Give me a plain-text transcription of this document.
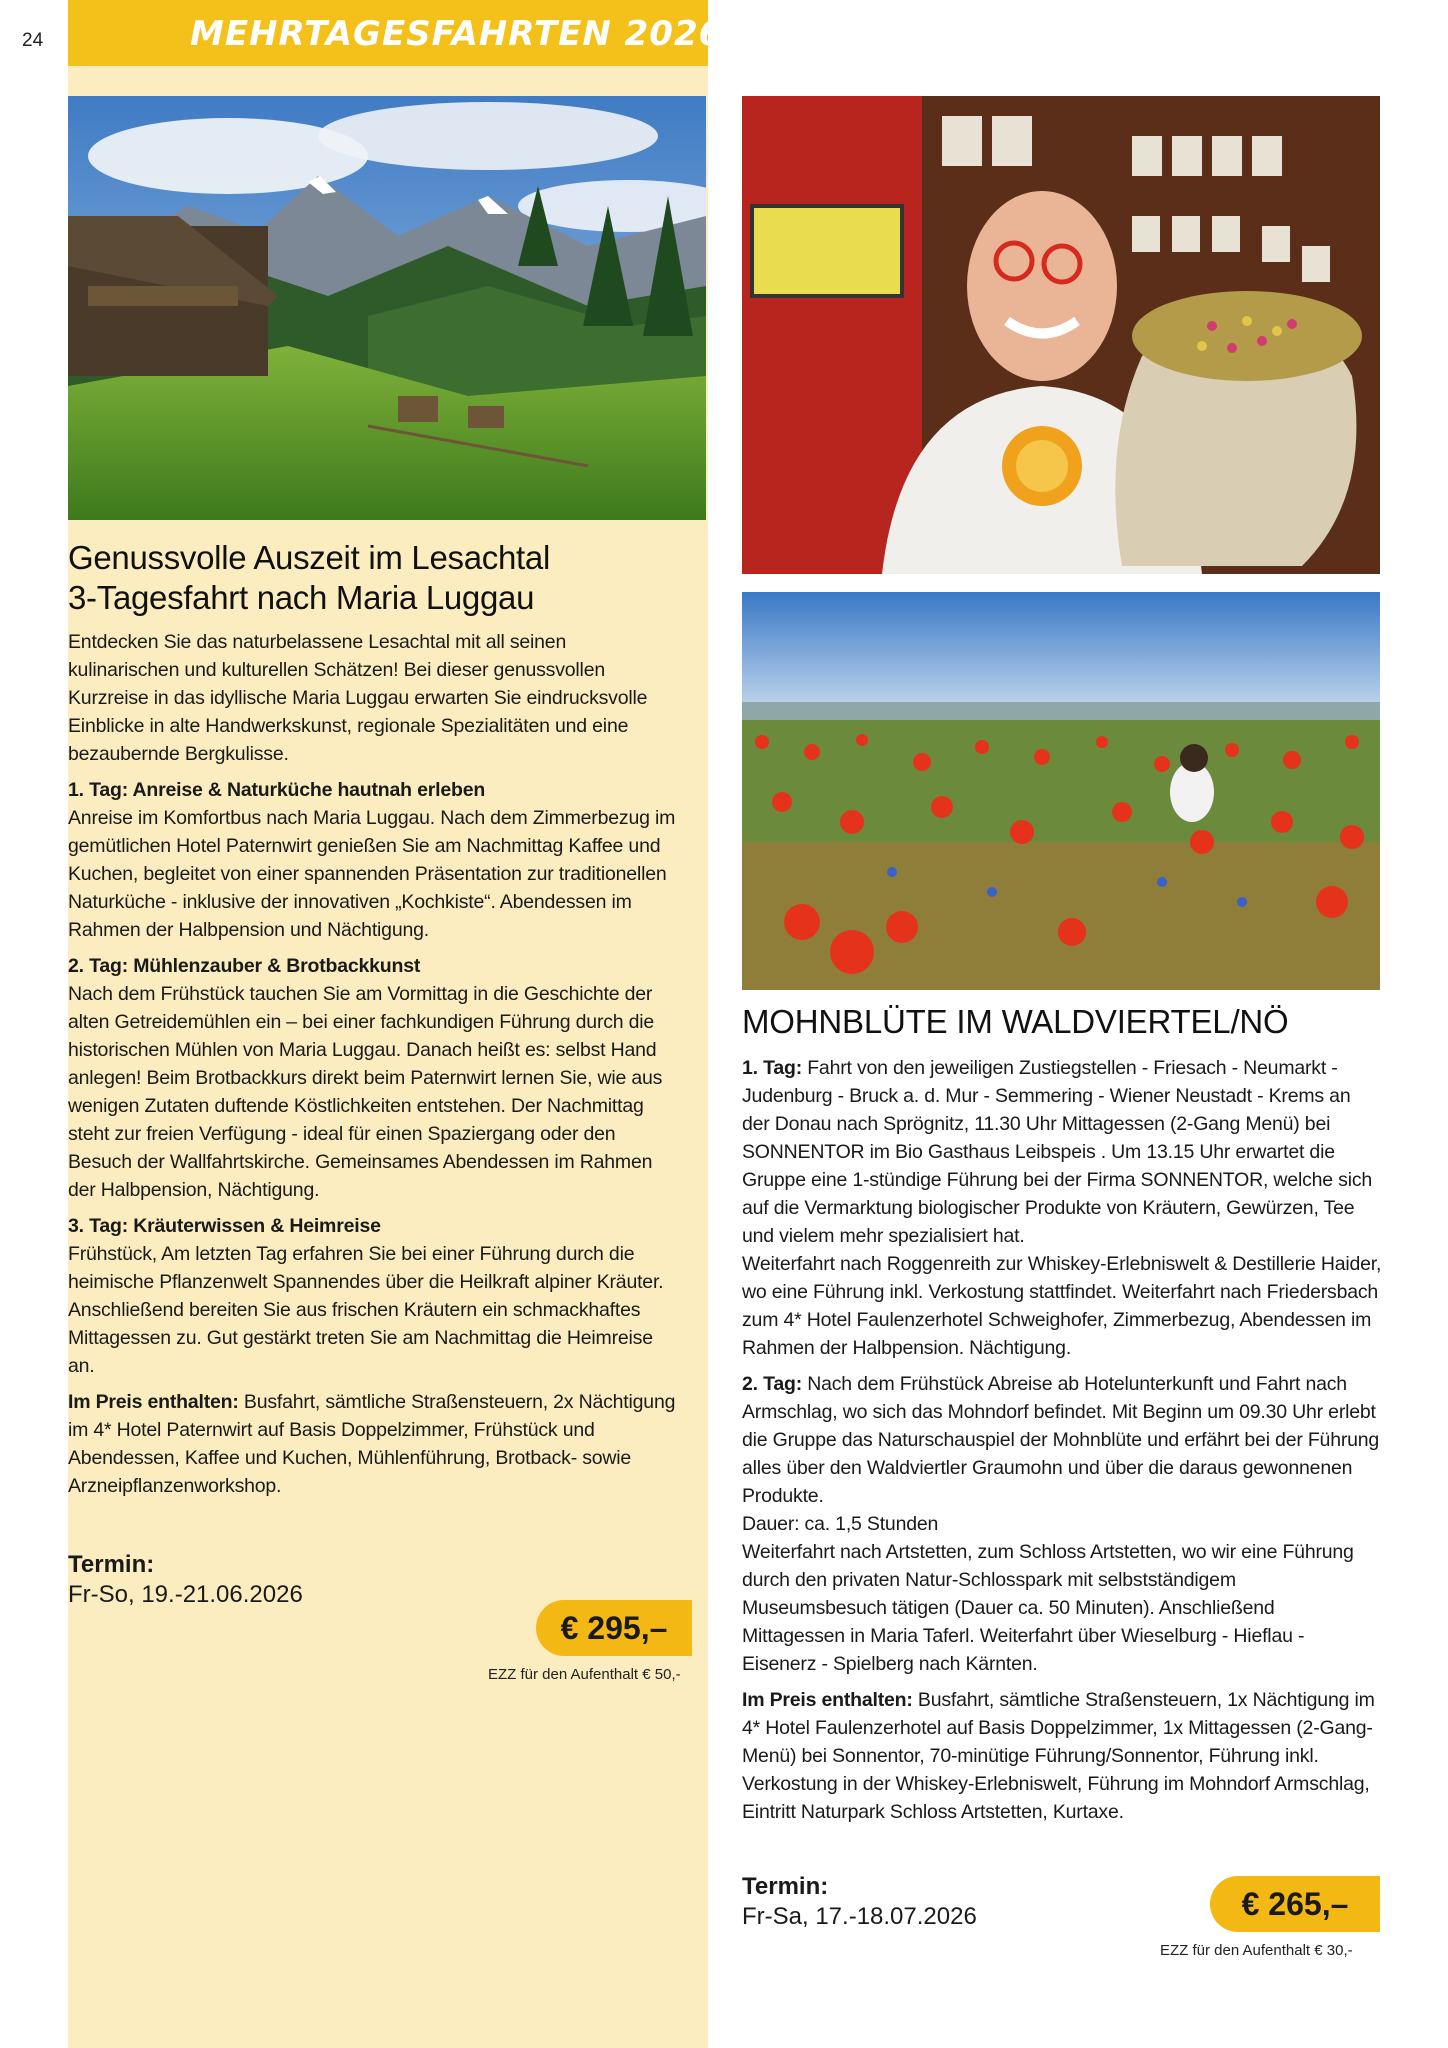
24	MEHRTAGESFAHRTEN 2026
Genussvolle Auszeit im Lesachtal
3-Tagesfahrt nach Maria Luggau

Entdecken Sie das naturbelassene Lesachtal mit all seinen kulinarischen und kulturellen Schätzen! Bei dieser genussvollen Kurzreise in das idyllische Maria Luggau erwarten Sie eindrucksvolle Einblicke in alte Handwerkskunst, regionale Spezialitäten und eine bezaubernde Bergkulisse.

1. Tag: Anreise & Naturküche hautnah erleben
Anreise im Komfortbus nach Maria Luggau. Nach dem Zimmerbezug im gemütlichen Hotel Paternwirt genießen Sie am Nachmittag Kaffee und Kuchen, begleitet von einer spannenden Präsentation zur traditionellen Naturküche - inklusive der innovativen „Kochkiste“. Abendessen im Rahmen der Halbpension und Nächtigung.

2. Tag: Mühlenzauber & Brotbackkunst
Nach dem Frühstück tauchen Sie am Vormittag in die Geschichte der alten Getreidemühlen ein – bei einer fachkundigen Führung durch die historischen Mühlen von Maria Luggau. Danach heißt es: selbst Hand anlegen! Beim Brotbackkurs direkt beim Paternwirt lernen Sie, wie aus wenigen Zutaten duftende Köstlichkeiten entstehen. Der Nachmittag steht zur freien Verfügung - ideal für einen Spaziergang oder den Besuch der Wallfahrtskirche. Gemeinsames Abendessen im Rahmen der Halbpension, Nächtigung.

3. Tag: Kräuterwissen & Heimreise
Frühstück, Am letzten Tag erfahren Sie bei einer Führung durch die heimische Pflanzenwelt Spannendes über die Heilkraft alpiner Kräuter. Anschließend bereiten Sie aus frischen Kräutern ein schmackhaftes Mittagessen zu. Gut gestärkt treten Sie am Nachmittag die Heimreise an.

Im Preis enthalten: Busfahrt, sämtliche Straßensteuern, 2x Nächtigung im 4* Hotel Paternwirt auf Basis Doppelzimmer, Frühstück und Abendessen, Kaffee und Kuchen, Mühlenführung, Brotback- sowie Arzneipflanzenworkshop.

Termin:
Fr-So, 19.-21.06.2026
€ 295,–
EZZ für den Aufenthalt € 50,-
MOHNBLÜTE IM WALDVIERTEL/NÖ

1. Tag: Fahrt von den jeweiligen Zustiegstellen - Friesach - Neumarkt - Judenburg - Bruck a. d. Mur - Semmering - Wiener Neustadt - Krems an der Donau nach Sprögnitz, 11.30 Uhr Mittagessen (2-Gang Menü) bei SONNENTOR im Bio Gasthaus Leibspeis . Um 13.15 Uhr erwartet die Gruppe eine 1-stündige Führung bei der Firma SONNENTOR, welche sich auf die Vermarktung biologischer Produkte von Kräutern, Gewürzen, Tee und vielem mehr spezialisiert hat.
Weiterfahrt nach Roggenreith zur Whiskey-Erlebniswelt & Destillerie Haider, wo eine Führung inkl. Verkostung stattfindet. Weiterfahrt nach Friedersbach zum 4* Hotel Faulenzerhotel Schweighofer, Zimmerbezug, Abendessen im Rahmen der Halbpension. Nächtigung.

2. Tag: Nach dem Frühstück Abreise ab Hotelunterkunft und Fahrt nach Armschlag, wo sich das Mohndorf befindet. Mit Beginn um 09.30 Uhr erlebt die Gruppe das Naturschauspiel der Mohnblüte und erfährt bei der Führung alles über den Waldviertler Graumohn und über die daraus gewonnenen Produkte.
Dauer: ca. 1,5 Stunden
Weiterfahrt nach Artstetten, zum Schloss Artstetten, wo wir eine Führung durch den privaten Natur-Schlosspark mit selbstständigem Museumsbesuch tätigen (Dauer ca. 50 Minuten). Anschließend Mittagessen in Maria Taferl. Weiterfahrt über Wieselburg - Hieflau - Eisenerz - Spielberg nach Kärnten.

Im Preis enthalten: Busfahrt, sämtliche Straßensteuern, 1x Nächtigung im 4* Hotel Faulenzerhotel auf Basis Doppelzimmer, 1x Mittagessen (2-Gang-Menü) bei Sonnentor, 70-minütige Führung/Sonnentor, Führung inkl. Verkostung in der Whiskey-Erlebniswelt, Führung im Mohndorf Armschlag, Eintritt Naturpark Schloss Artstetten, Kurtaxe.

Termin:
Fr-Sa, 17.-18.07.2026	€ 265,–
EZZ für den Aufenthalt € 30,-
